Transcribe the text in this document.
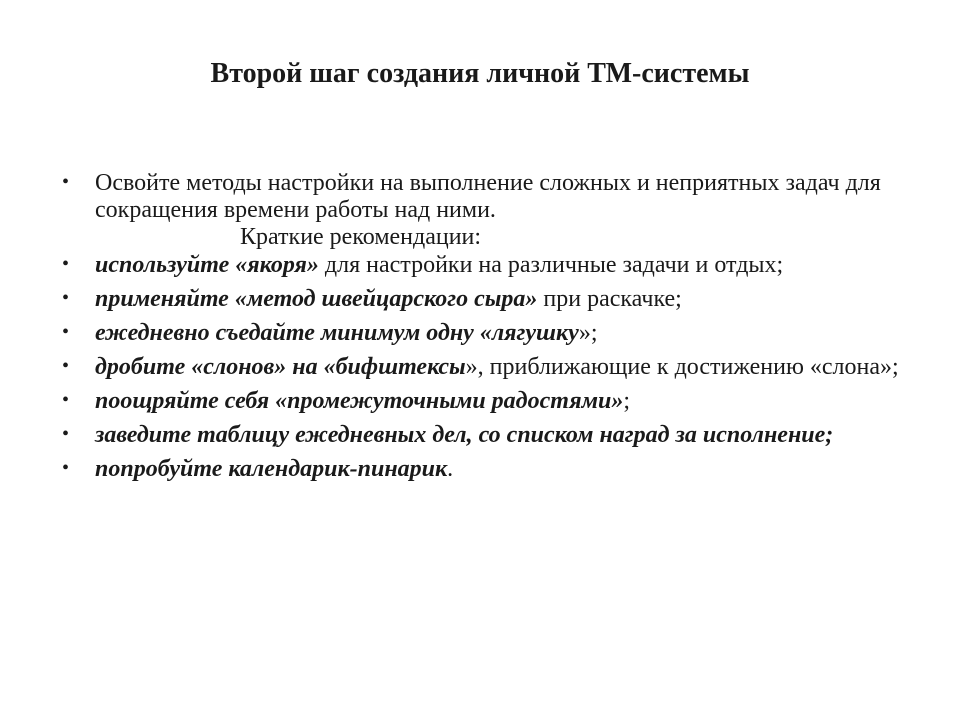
Второй шаг создания личной ТМ-системы
• Освойте методы настройки на выполнение сложных и неприятных задач для сокращения времени работы над ними.
Краткие рекомендации:
• используйте «якоря» для настройки на различные задачи и отдых;
• применяйте «метод швейцарского сыра» при раскачке;
• ежедневно съедайте минимум одну «лягушку»;
• дробите «слонов» на «бифштексы», приближающие к достижению «слона»;
• поощряйте себя «промежуточными радостями»;
• заведите таблицу ежедневных дел, со списком наград за исполнение;
• попробуйте календарик-пинарик.
